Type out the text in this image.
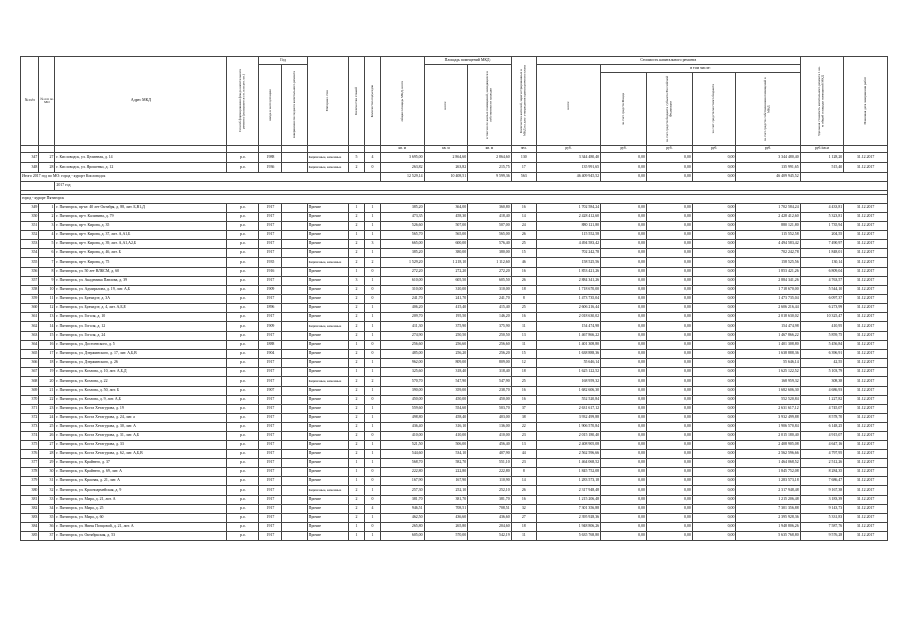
№ п/п	№ п/п по МО	Адрес МКД	Способ формирования фонда капитального ремонта (указывается ун. или рег. оп.)	Год		Материал стен	Количество этажей	Количество подъездов	общая площадь МКД, всего	Площадь помещений МКД:		Количество жителей, зарегистрированных в МКД на дату утверждения краткосрочного плана	Стоимость капитального ремонта					Удельная стоимость капитального ремонта 1 кв. м общей площади помещений МКД	Плановая дата завершения работ

				ввода в эксплуатацию	завершения последнего капитального ремонта					всего:	в том числе жилых помещений, находящихся в собственности граждан		всего:	в том числе:					

														за счет средств Фонда	за счет средств бюджета субъекта Российской Федерации	за счет средств местного бюджета	за счет средств собственников помещений в МКД		

									кв. м	кв. м	кв. м	чел.	руб.	руб.	руб.	руб.	руб.	руб./кв.м	
347	27	г. Кисловодск, ул. Целинная, д. 14	р.о.	1988		Кирпичные, каменные	5	4	3 695,00	2 864,60	2 864,60	130	3 344 480,40	0,00	0,00	0,00	3 344 480,40	1 128,20	31.12.2017
348	28	г. Кисловодск, ул. Ярошенко, д. 12	р.о.	1936		Кирпичные, каменные	2	0	263,82	263,82	215,75	17	135 991,65	0,00	0,00	0,00	135 991,65	515,40	31.12.2017
Итого 2017 год по МО: город - курорт Кисловодск									12 529,14	10 408,51	9 599,36	563	46 409 945,52	0,00	0,00	0,00	46 409 945,52		
		2017 год																	

город - курорт Пятигорск																			
349	1	г. Пятигорск, пр-кт. 40 лет Октября, д. 88, лит. Б,В1,Д	р.о.	1917		Прочие	1	1	385,20	364,00	360,80	16	1 702 584,24	0,00	0,00	0,00	1 702 584,24	4 433,81	31.12.2017
350	2	г. Пятигорск, пр-т. Калинина, д. 79	р.о.	1917		Прочие	2	1	473,35	458,30	418,40	14	2 428 412,60	0,00	0,00	0,00	2 428 412,60	5 323,81	31.12.2017
351	3	г. Пятигорск, пр-т. Кирова, д. 35	р.о.	1917		Прочие	2	1	526,60	507,00	507,00	24	880 121,80	0,00	0,00	0,00	880 121,80	1 735,94	31.12.2017
352	4	г. Пятигорск, пр-т. Кирова, д. 37, лит. А,А1,Б	р.о.	1917		Прочие	1	1	565,70	565,00	565,00	26	115 552,58	0,00	0,00	0,00	115 552,58	204,55	31.12.2017
353	5	г. Пятигорск, пр-т. Кирова, д. 39, лит. А,А1,А2,Б	р.о.	1917		Прочие	2	3	665,00	600,00	576,40	25	4 494 583,42	0,00	0,00	0,00	4 494 583,42	7 490,97	31.12.2017
354	6	г. Пятигорск, пр-т. Кирова, д. 46, лит. Б	р.о.	1917		Прочие	2	1	385,20	380,00	380,00	15	702 242,78	0,00	0,00	0,00	702 242,78	1 848,01	31.12.2017
355	7	г. Пятигорск, пр-т. Кирова, д. 75	р.о.	1935		Кирпичные, каменные	2	2	1 529,20	1 218,10	1 112,60	46	158 525,56	0,00	0,00	0,00	158 525,56	130,14	31.12.2017
356	8	г. Пятигорск, ул. 50 лет ВЛКСМ, д. 60	р.о.	1916		Прочие	1	0	272,20	272,20	272,20	16	1 853 421,26	0,00	0,00	0,00	1 853 421,26	6 809,04	31.12.2017
357	9	г. Пятигорск, ул. Академика Павлова, д. 39	р.о.	1917		Прочие	3	1	610,00	605,50	605,50	26	2 884 341,26	0,00	0,00	0,00	2 884 341,26	4 763,57	31.12.2017
358	10	г. Пятигорск, ул. Адмиралова, д. 19, лит. А,Б	р.о.	1909		Прочие	2	0	310,00	310,00	310,00	18	1 718 670,00	0,00	0,00	0,00	1 718 670,00	5 544,10	31.12.2017
359	11	г. Пятигорск, ул. Буачидзе, д. 3А	р.о.	1917		Прочие	2	0	241,70	241,70	241,70	8	1 473 735,04	0,00	0,00	0,00	1 473 735,04	6 097,37	31.12.2017
360	12	г. Пятигорск, ул. Буачидзе, д. 4, лит. А,Б,Е	р.о.	1896		Прочие	2	1	406,20	415,40	415,40	25	2 606 216,44	0,00	0,00	0,00	2 606 216,44	6 273,99	31.12.2017
361	13	г. Пятигорск, ул. Гоголя, д. 10	р.о.	1917		Прочие	2	1	209,70	195,50	146,20	16	2 018 630,02	0,00	0,00	0,00	2 018 630,02	10 325,47	31.12.2017
362	14	г. Пятигорск, ул. Гоголя, д. 12	р.о.	1909		Кирпичные, каменные	2	1	411,30	375,90	375,90	11	154 474,98	0,00	0,00	0,00	154 474,98	410,95	31.12.2017
363	15	г. Пятигорск, ул. Гоголя, д. 24	р.о.	1917		Прочие	2	1	274,90	250,50	250,50	13	1 467 866,22	0,00	0,00	0,00	1 467 866,22	5 859,75	31.12.2017
364	16	г. Пятигорск, ул. Достоевского, д. 5	р.о.	1888		Прочие	1	0	256,60	256,60	256,60	11	1 401 308,80	0,00	0,00	0,00	1 401 308,80	5 456,84	31.12.2017
365	17	г. Пятигорск, ул. Дзержинского, д. 17, лит. А,Б,В	р.о.	1904		Прочие	2	0	485,00	256,20	256,20	15	1 638 888,36	0,00	0,00	0,00	1 638 888,36	6 396,91	31.12.2017
366	18	г. Пятигорск, ул. Дзержинского, д. 26	р.о.	1917		Прочие	2	1	962,00	809,00	809,00	12	55 646,14	0,00	0,00	0,00	55 646,14	42,55	31.12.2017
367	19	г. Пятигорск, ул. Козлова, д. 10, лит. А,Б,Д	р.о.	1917		Прочие	1	1	325,60	318,40	318,40	18	1 625 122,52	0,00	0,00	0,00	1 625 122,52	5 103,79	31.12.2017
368	20	г. Пятигорск, ул. Козлова, д. 22	р.о.	1917		Кирпичные, каменные	2	2	570,70	547,90	547,90	25	168 959,32	0,00	0,00	0,00	168 959,32	308,38	31.12.2017
369	21	г. Пятигорск, ул. Козлова, д. 50, лит. Б	р.о.	1907		Прочие	2	1	390,00	359,00	238,70	16	1 682 606,30	0,00	0,00	0,00	1 682 606,30	4 686,93	31.12.2017
370	22	г. Пятигорск, ул. Козлова, д. 9, лит. А,Б	р.о.	1917		Прочие	2	0	450,00	450,00	450,00	16	552 520,84	0,00	0,00	0,00	552 520,84	1 227,82	31.12.2017
371	23	г. Пятигорск, ул. Коста Хетагурова, д. 19	р.о.	1917		Прочие	2	1	559,60	554,60	503,70	37	2 631 617,12	0,00	0,00	0,00	2 631 617,12	4 745,07	31.12.2017
372	24	г. Пятигорск, ул. Коста Хетагурова, д. 24, лит. а	р.о.	1917		Прочие	2	1	498,80	458,40	403,00	38	3 932 499,88	0,00	0,00	0,00	3 932 499,88	8 578,70	31.12.2017
373	25	г. Пятигорск, ул. Коста Хетагурова, д. 30, лит. А	р.о.	1917		Прочие	2	1	436,40	316,10	136,00	22	1 906 570,84	0,00	0,00	0,00	1 906 570,84	6 148,25	31.12.2017
374	26	г. Пятигорск, ул. Коста Хетагурова, д. 31, лит. А,Б	р.о.	1917		Прочие	2	0	410,00	410,00	410,00	23	2 015 180,40	0,00	0,00	0,00	2 015 180,40	4 915,07	31.12.2017
375	27	г. Пятигорск, ул. Коста Хетагурова, д. 33	р.о.	1917		Прочие	2	1	521,50	506,00	456,40	13	2 408 905,08	0,00	0,00	0,00	2 408 905,08	4 647,16	31.12.2017
376	28	г. Пятигорск, ул. Коста Хетагурова, д. 62, лит. А,Б,В	р.о.	1917		Прочие	2	1	544,60	534,10	407,90	44	2 562 596,66	0,00	0,00	0,00	2 562 596,66	4 797,95	31.12.2017
377	29	г. Пятигорск, ул. Крайнего, д. 37	р.о.	1917		Прочие	1	1	568,70	582,70	551,10	23	1 464 068,52	0,00	0,00	0,00	1 464 068,52	2 512,26	31.12.2017
378	30	г. Пятигорск, ул. Крайнего, д. 69, лит. А	р.о.	1917		Прочие	1	0	222,80	222,80	222,80	8	1 845 752,08	0,00	0,00	0,00	1 845 752,08	8 284,35	31.12.2017
379	31	г. Пятигорск, ул. Красная, д. 21, лит. А	р.о.	1917		Прочие	1	0	167,90	167,90	110,90	14	1 283 573,18	0,00	0,00	0,00	1 283 573,18	7 686,47	31.12.2017
380	32	г. Пятигорск, ул. Красноармейская, д. 9	р.о.	1917		Кирпичные, каменные	2	1	257,30	252,10	252,10	26	2 317 948,48	0,00	0,00	0,00	2 317 948,48	9 167,38	31.12.2017
381	33	г. Пятигорск, ул. Мира, д. 21, лит. А	р.о.	1917		Прочие	2	0	381,70	381,70	381,70	16	1 215 206,48	0,00	0,00	0,00	1 215 206,48	3 183,39	31.12.2017
382	34	г. Пятигорск, ул. Мира, д. 25	р.о.	1917		Прочие	2	4	946,51	708,51	708,51	32	7 301 356,88	0,00	0,00	0,00	7 301 356,88	9 143,73	31.12.2017
383	35	г. Пятигорск, ул. Мира, д. 60	р.о.	1917		Прочие	2	1	462,50	436,60	436,60	27	2 395 928,36	0,00	0,00	0,00	2 395 928,36	5 331,83	31.12.2017
384	36	г. Пятигорск, ул. Нины Попцовой, д. 21, лит. А	р.о.	1917		Прочие	1	0	265,80	265,80	204,60	18	1 948 806,26	0,00	0,00	0,00	1 948 806,26	7 587,76	31.12.2017
385	37	г. Пятигорск, ул. Октябрьская, д. 53	р.о.	1917		Прочие	1	1	605,00	570,00	542,19	11	5 635 768,80	0,00	0,00	0,00	5 635 768,80	9 576,28	31.12.2017
